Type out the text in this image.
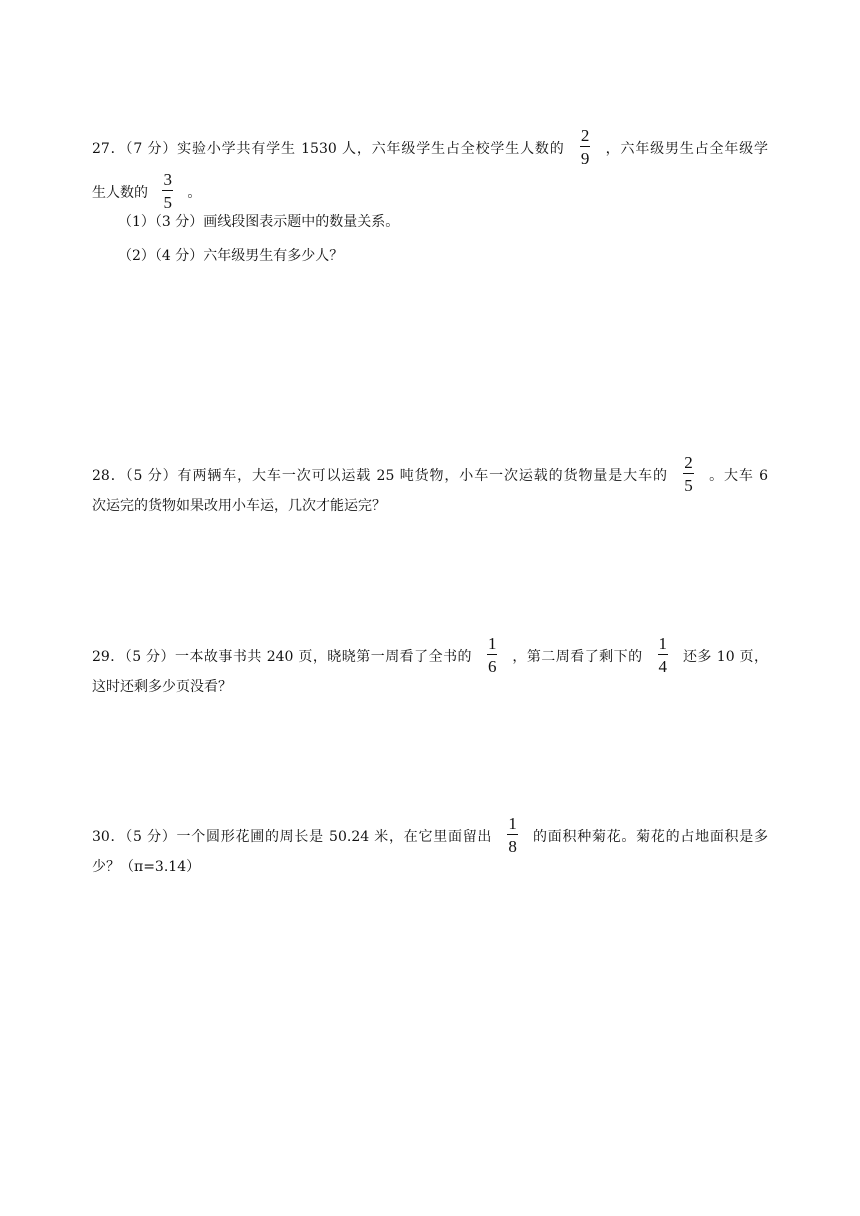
27．（7 分）实验小学共有学生 1530 人，六年级学生占全校学生人数的 $\frac{2}{9}$ ，六年级男生占全年级学
生人数的 $\frac{3}{5}$ 。
（1）（3 分）画线段图表示题中的数量关系。
（2）（4 分）六年级男生有多少人？
28．（5 分）有两辆车，大车一次可以运载 25 吨货物，小车一次运载的货物量是大车的 $\frac{2}{5}$ 。大车 6
次运完的货物如果改用小车运，几次才能运完？
29．（5 分）一本故事书共 240 页，晓晓第一周看了全书的 $\frac{1}{6}$ ，第二周看了剩下的 $\frac{1}{4}$ 还多 10 页，
这时还剩多少页没看？
30．（5 分）一个圆形花圃的周长是 50.24 米，在它里面留出 $\frac{1}{8}$ 的面积种菊花。菊花的占地面积是多
少？（π=3.14）
